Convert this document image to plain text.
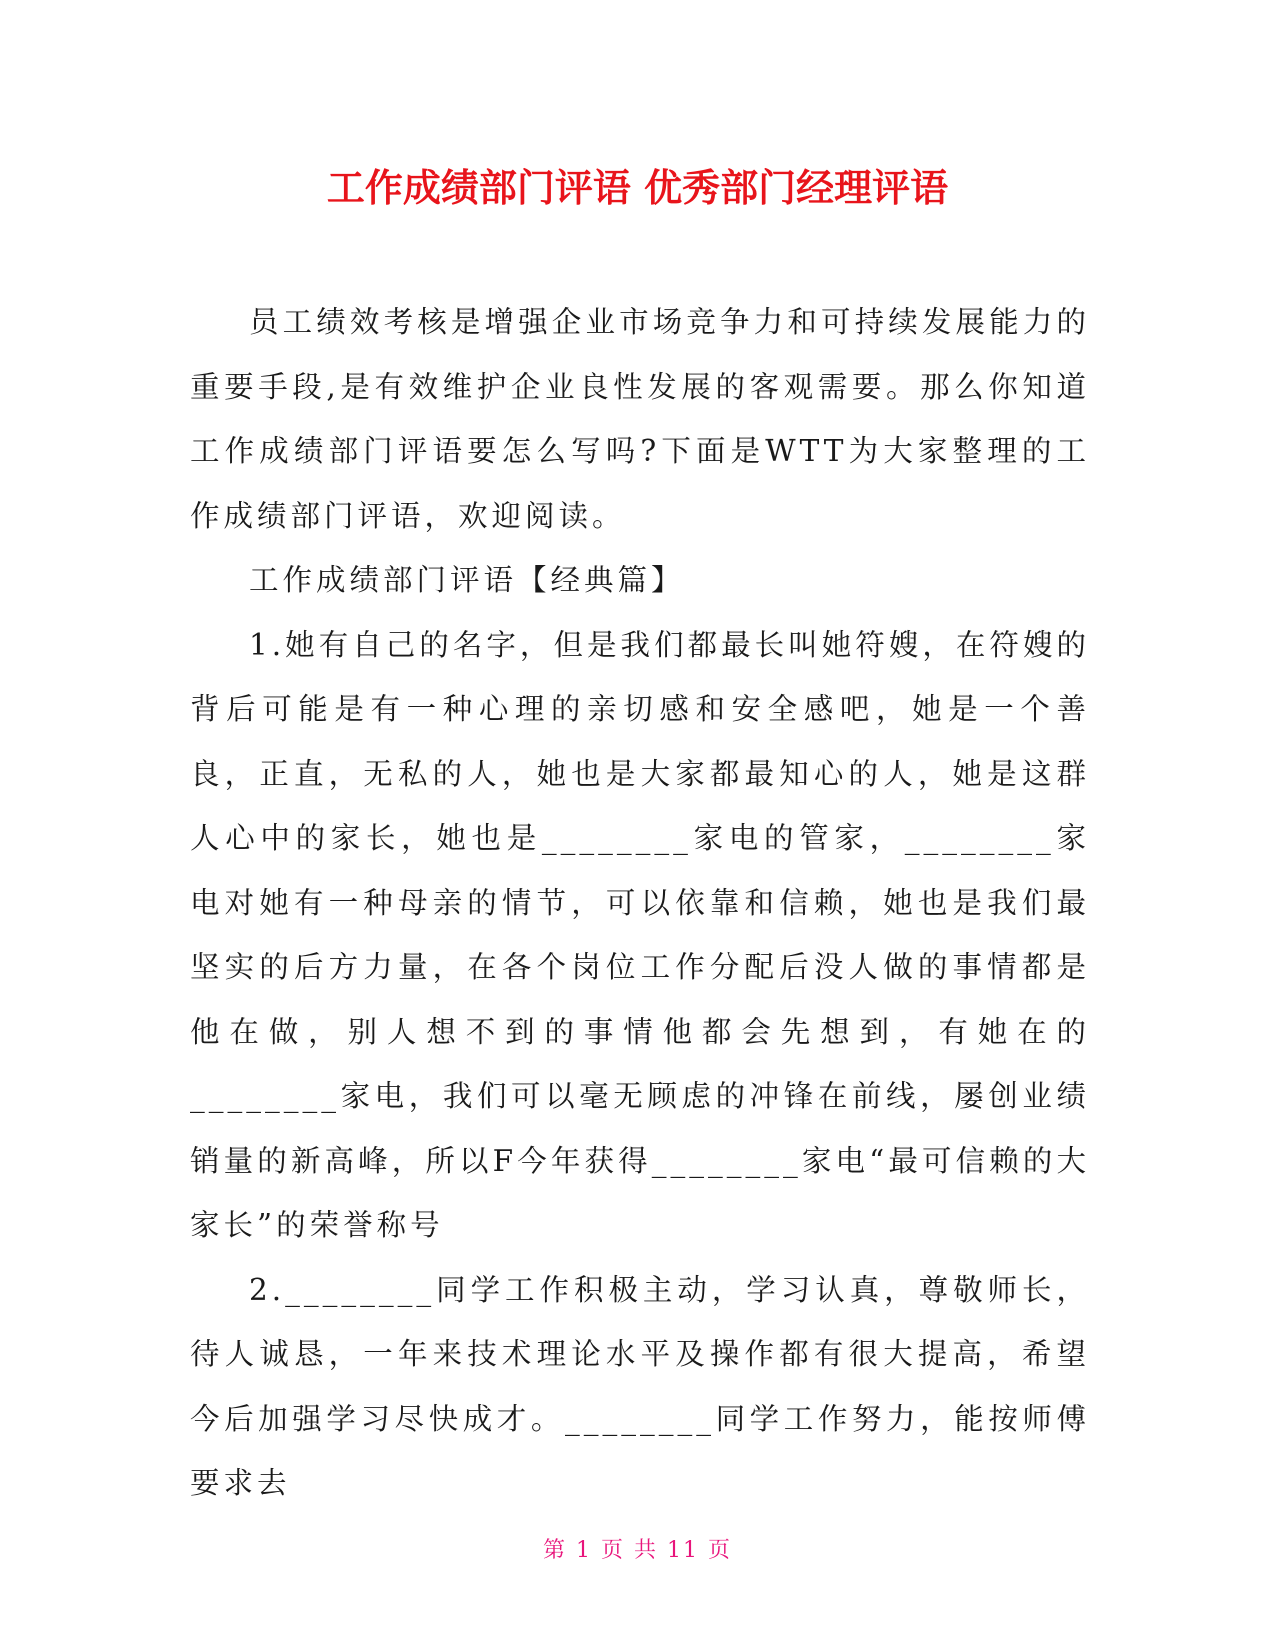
工作成绩部门评语 优秀部门经理评语

员工绩效考核是增强企业市场竞争力和可持续发展能力的重要手段,是有效维护企业良性发展的客观需要。那么你知道工作成绩部门评语要怎么写吗?下面是WTT为大家整理的工作成绩部门评语，欢迎阅读。

工作成绩部门评语【经典篇】

1.她有自己的名字，但是我们都最长叫她符嫂，在符嫂的背后可能是有一种心理的亲切感和安全感吧，她是一个善良，正直，无私的人，她也是大家都最知心的人，她是这群人心中的家长，她也是________家电的管家，________家电对她有一种母亲的情节，可以依靠和信赖，她也是我们最坚实的后方力量，在各个岗位工作分配后没人做的事情都是他在做，别人想不到的事情他都会先想到，有她在的________家电，我们可以毫无顾虑的冲锋在前线，屡创业绩销量的新高峰，所以F今年获得________家电“最可信赖的大家长”的荣誉称号

2.________同学工作积极主动，学习认真，尊敬师长，待人诚恳，一年来技术理论水平及操作都有很大提高，希望今后加强学习尽快成才。________同学工作努力，能按师傅要求去

第 1 页 共 11 页
